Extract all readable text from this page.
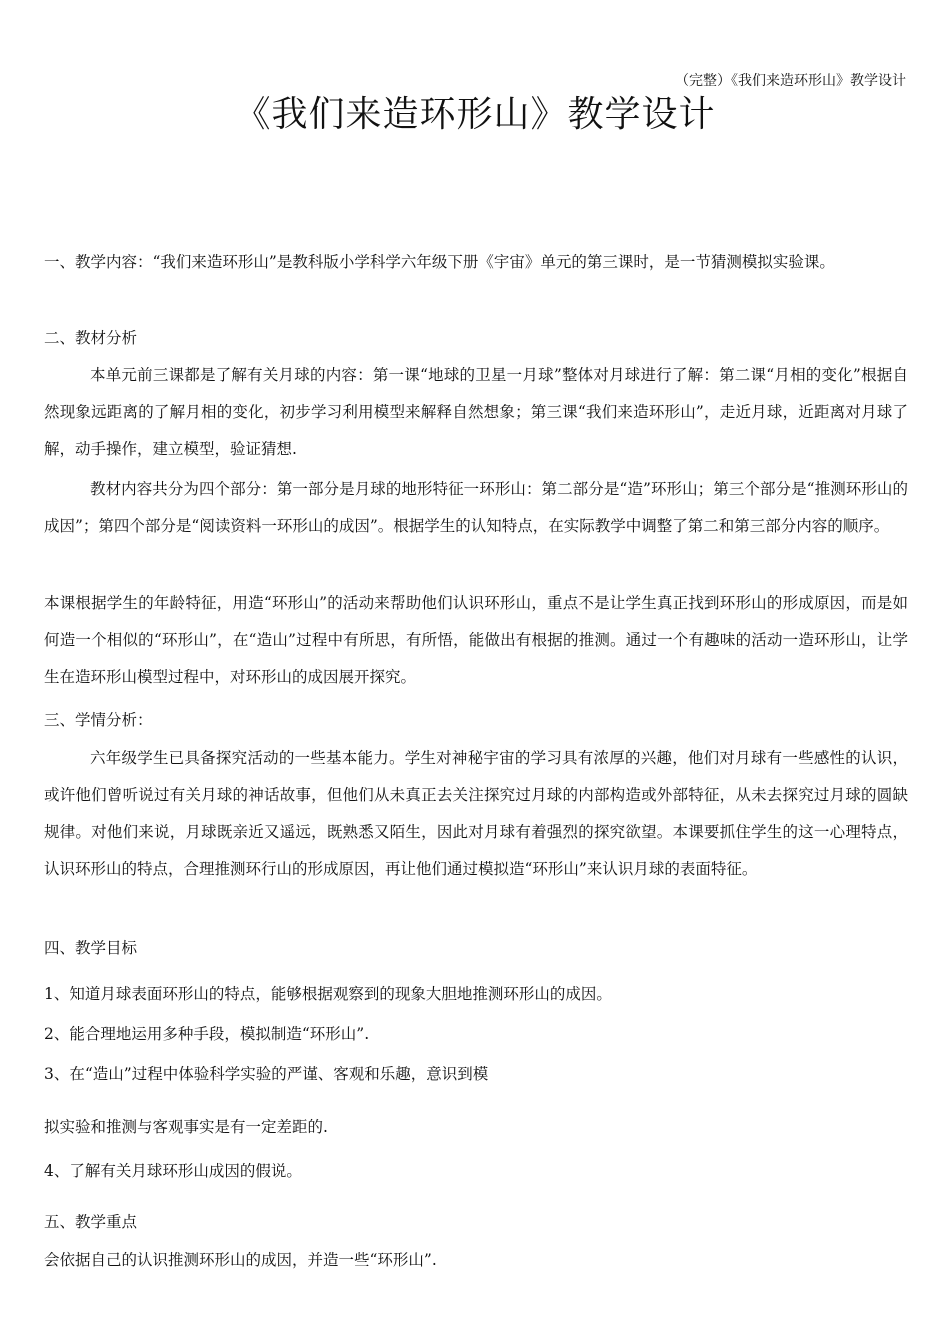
（完整）《我们来造环形山》教学设计
《我们来造环形山》教学设计

一、教学内容：“我们来造环形山”是教科版小学科学六年级下册《宇宙》单元的第三课时，是一节猜测模拟实验课。

二、教材分析

本单元前三课都是了解有关月球的内容：第一课“地球的卫星一月球”整体对月球进行了解：第二课“月相的变化”根据自然现象远距离的了解月相的变化，初步学习利用模型来解释自然想象；第三课“我们来造环形山”，走近月球，近距离对月球了解，动手操作，建立模型，验证猜想.

教材内容共分为四个部分：第一部分是月球的地形特征一环形山：第二部分是“造”环形山；第三个部分是“推测环形山的成因”；第四个部分是“阅读资料一环形山的成因”。根据学生的认知特点，在实际教学中调整了第二和第三部分内容的顺序。

本课根据学生的年龄特征，用造“环形山”的活动来帮助他们认识环形山，重点不是让学生真正找到环形山的形成原因，而是如何造一个相似的“环形山”，在“造山”过程中有所思，有所悟，能做出有根据的推测。通过一个有趣味的活动一造环形山，让学生在造环形山模型过程中，对环形山的成因展开探究。

三、学情分析：

六年级学生已具备探究活动的一些基本能力。学生对神秘宇宙的学习具有浓厚的兴趣，他们对月球有一些感性的认识，或许他们曾听说过有关月球的神话故事，但他们从未真正去关注探究过月球的内部构造或外部特征，从未去探究过月球的圆缺规律。对他们来说，月球既亲近又遥远，既熟悉又陌生，因此对月球有着强烈的探究欲望。本课要抓住学生的这一心理特点，认识环形山的特点，合理推测环行山的形成原因，再让他们通过模拟造“环形山”来认识月球的表面特征。

四、教学目标

1、知道月球表面环形山的特点，能够根据观察到的现象大胆地推测环形山的成因。

2、能合理地运用多种手段，模拟制造“环形山”.

3、在“造山”过程中体验科学实验的严谨、客观和乐趣，意识到模

拟实验和推测与客观事实是有一定差距的.

4、了解有关月球环形山成因的假说。

五、教学重点

会依据自己的认识推测环形山的成因，并造一些“环形山”.
